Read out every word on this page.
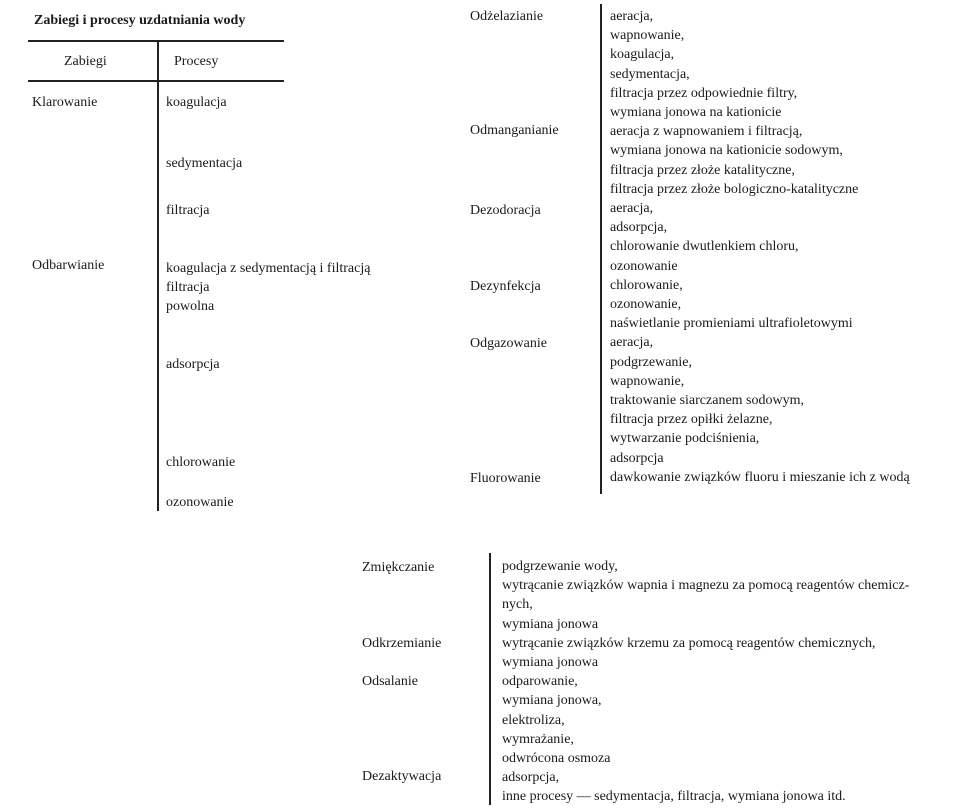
Zabiegi i procesy uzdatniania wody
Zabiegi	Procesy
Klarowanie
Odbarwianie
koagulacja
sedymentacja
filtracja
koagulacja z sedymentacją i filtracją
filtracja
powolna
adsorpcja
chlorowanie
ozonowanie
Odżelazianie
Odmanganianie
Dezodoracja
Dezynfekcja
Odgazowanie
Fluorowanie
aeracja,
wapnowanie,
koagulacja,
sedymentacja,
filtracja przez odpowiednie filtry,
wymiana jonowa na kationicie
aeracja z wapnowaniem i filtracją,
wymiana jonowa na kationicie sodowym,
filtracja przez złoże katalityczne,
filtracja przez złoże bologiczno-katalityczne
aeracja,
adsorpcja,
chlorowanie dwutlenkiem chloru,
ozonowanie
chlorowanie,
ozonowanie,
naświetlanie promieniami ultrafioletowymi
aeracja,
podgrzewanie,
wapnowanie,
traktowanie siarczanem sodowym,
filtracja przez opiłki żelazne,
wytwarzanie podciśnienia,
adsorpcja
dawkowanie związków fluoru i mieszanie ich z wodą
Zmiękczanie
Odkrzemianie
Odsalanie
Dezaktywacja
podgrzewanie wody,
wytrącanie związków wapnia i magnezu za pomocą reagentów chemicz-
nych,
wymiana jonowa
wytrącanie związków krzemu za pomocą reagentów chemicznych,
wymiana jonowa
odparowanie,
wymiana jonowa,
elektroliza,
wymrażanie,
odwrócona osmoza
adsorpcja,
inne procesy — sedymentacja, filtracja, wymiana jonowa itd.
